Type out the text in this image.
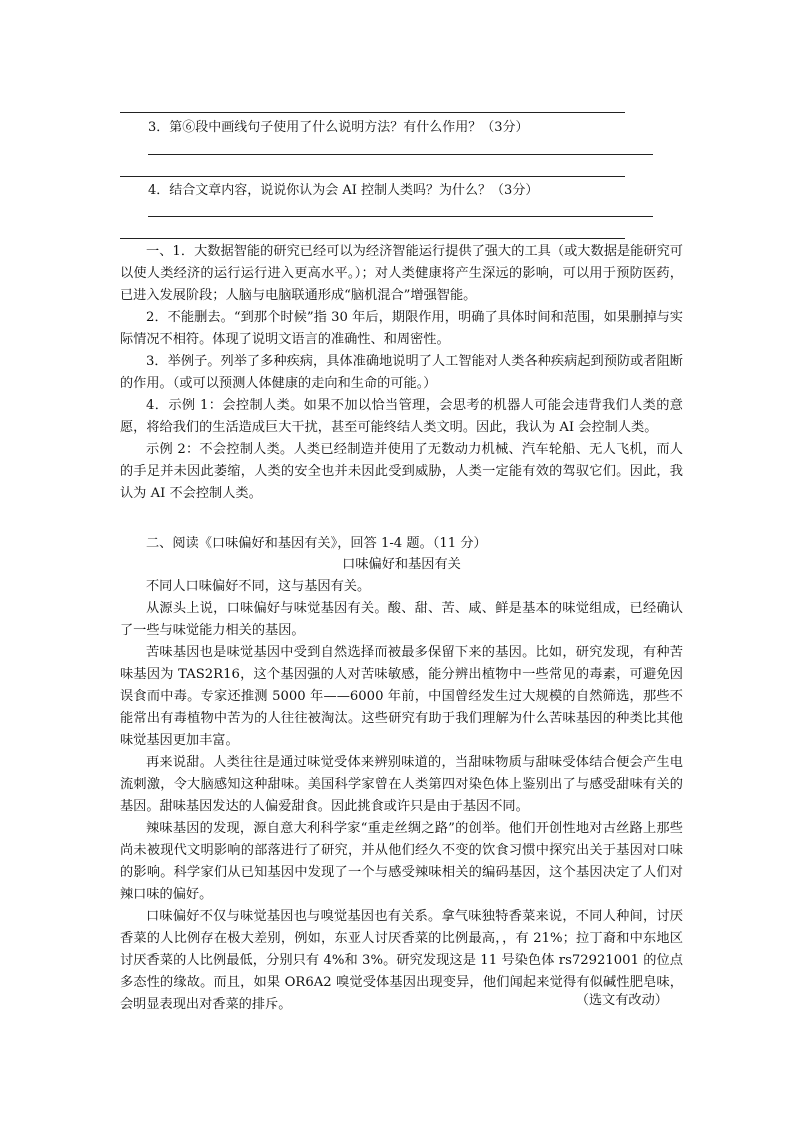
3．第⑥段中画线句子使用了什么说明方法？有什么作用？（3分）
4．结合文章内容，说说你认为会 AI 控制人类吗？为什么？（3分）

一、1．大数据智能的研究已经可以为经济智能运行提供了强大的工具（或大数据是能研究可以使人类经济的运行运行进入更高水平。）；对人类健康将产生深远的影响，可以用于预防医药，已进入发展阶段；人脑与电脑联通形成“脑机混合”增强智能。

2．不能删去。“到那个时候”指 30 年后，期限作用，明确了具体时间和范围，如果删掉与实际情况不相符。体现了说明文语言的准确性、和周密性。

3．举例子。列举了多种疾病，具体准确地说明了人工智能对人类各种疾病起到预防或者阻断的作用。（或可以预测人体健康的走向和生命的可能。）

4．示例 1：会控制人类。如果不加以恰当管理，会思考的机器人可能会违背我们人类的意愿，将给我们的生活造成巨大干扰，甚至可能终结人类文明。因此，我认为 AI 会控制人类。

示例 2：不会控制人类。人类已经制造并使用了无数动力机械、汽车轮船、无人飞机，而人的手足并未因此萎缩，人类的安全也并未因此受到威胁，人类一定能有效的驾驭它们。因此，我认为 AI 不会控制人类。

二、阅读《口味偏好和基因有关》，回答 1-4 题。（11 分）
口味偏好和基因有关

不同人口味偏好不同，这与基因有关。

从源头上说，口味偏好与味觉基因有关。酸、甜、苦、咸、鲜是基本的味觉组成，已经确认了一些与味觉能力相关的基因。

苦味基因也是味觉基因中受到自然选择而被最多保留下来的基因。比如，研究发现，有种苦味基因为 TAS2R16，这个基因强的人对苦味敏感，能分辨出植物中一些常见的毒素，可避免因误食而中毒。专家还推测 5000 年——6000 年前，中国曾经发生过大规模的自然筛选，那些不能常出有毒植物中苦为的人往往被淘汰。这些研究有助于我们理解为什么苦味基因的种类比其他味觉基因更加丰富。

再来说甜。人类往往是通过味觉受体来辨别味道的，当甜味物质与甜味受体结合便会产生电流刺激，令大脑感知这种甜味。美国科学家曾在人类第四对染色体上鉴别出了与感受甜味有关的基因。甜味基因发达的人偏爱甜食。因此挑食或许只是由于基因不同。

辣味基因的发现，源自意大利科学家“重走丝绸之路”的创举。他们开创性地对古丝路上那些尚未被现代文明影响的部落进行了研究，并从他们经久不变的饮食习惯中探究出关于基因对口味的影响。科学家们从已知基因中发现了一个与感受辣味相关的编码基因，这个基因决定了人们对辣口味的偏好。

口味偏好不仅与味觉基因也与嗅觉基因也有关系。拿气味独特香菜来说，不同人种间，讨厌香菜的人比例存在极大差别，例如，东亚人讨厌香菜的比例最高，，有 21%；拉丁裔和中东地区讨厌香菜的人比例最低，分别只有 4%和 3%。研究发现这是 11 号染色体 rs72921001 的位点多态性的缘故。而且，如果 OR6A2 嗅觉受体基因出现变异，他们闻起来觉得有似碱性肥皂味，会明显表现出对香菜的排斥。	（选文有改动）
